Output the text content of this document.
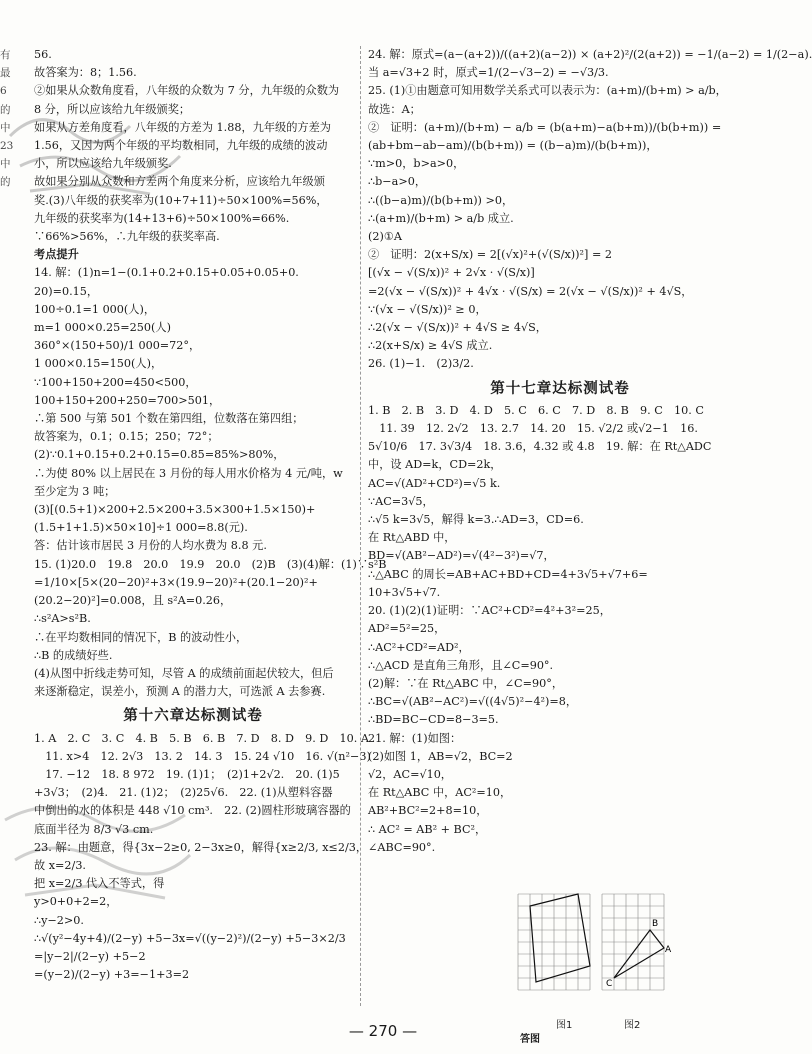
有
最
6
的
中
23
中
的
56.
故答案为：8；1.56.
②如果从众数角度看，八年级的众数为 7 分，九年级的众数为
8 分，所以应该给九年级颁奖；
如果从方差角度看，八年级的方差为 1.88，九年级的方差为
1.56，又因为两个年级的平均数相同，九年级的成绩的波动
小，所以应该给九年级颁奖.
故如果分别从众数和方差两个角度来分析，应该给九年级颁
奖.(3)八年级的获奖率为(10+7+11)÷50×100%=56%，
九年级的获奖率为(14+13+6)÷50×100%=66%.
∵66%>56%，∴九年级的获奖率高.
考点提升
14. 解：(1)n=1−(0.1+0.2+0.15+0.05+0.05+0.
20)=0.15，
100÷0.1=1 000(人)，
m=1 000×0.25=250(人)
360°×(150+50)/1 000=72°，
1 000×0.15=150(人)，
∵100+150+200=450<500，
100+150+200+250=700>501，
∴第 500 与第 501 个数在第四组，位数落在第四组；
故答案为，0.1；0.15；250；72°；
(2)∵0.1+0.15+0.2+0.15=0.85=85%>80%，
∴为使 80% 以上居民在 3 月份的每人用水价格为 4 元/吨，w
至少定为 3 吨；
(3)[(0.5+1)×200+2.5×200+3.5×300+1.5×150)+
(1.5+1+1.5)×50×10]÷1 000=8.8(元).
答：估计该市居民 3 月份的人均水费为 8.8 元.
15. (1)20.0　19.8　20.0　19.9　20.0　(2)B　(3)(4)解：(1)∵s²B
=1/10×[5×(20−20)²+3×(19.9−20)²+(20.1−20)²+
(20.2−20)²]=0.008，且 s²A=0.26，
∴s²A>s²B.
∴在平均数相同的情况下，B 的波动性小，
∴B 的成绩好些.
(4)从图中折线走势可知，尽管 A 的成绩前面起伏较大，但后
来逐渐稳定，误差小，预测 A 的潜力大，可选派 A 去参赛.
第十六章达标测试卷
1. A　2. C　3. C　4. B　5. B　6. B　7. D　8. D　9. D　10. A
　11. x>4　12. 2√3　13. 2　14. 3　15. 24 √10　16. √(n²−3)
　17. −12　18. 8 972　19. (1)1；　(2)1+2√2.　20. (1)5
+3√3；　(2)4.　21. (1)2；　(2)25√6.　22. (1)从塑料容器
中倒出的水的体积是 448 √10 cm³.　22. (2)圆柱形玻璃容器的
底面半径为 8/3 √3 cm.
23. 解：由题意，得{3x−2≥0, 2−3x≥0，解得{x≥2/3, x≤2/3，
故 x=2/3.
把 x=2/3 代入不等式，得
y>0+0+2=2，
∴y−2>0.
∴√(y²−4y+4)/(2−y) +5−3x=√((y−2)²)/(2−y) +5−3×2/3
=|y−2|/(2−y) +5−2
=(y−2)/(2−y) +3=−1+3=2
24. 解：原式=(a−(a+2))/((a+2)(a−2)) × (a+2)²/(2(a+2)) = −1/(a−2) = 1/(2−a).
当 a=√3+2 时，原式=1/(2−√3−2) = −√3/3.
25. (1)①由题意可知用数学关系式可以表示为：(a+m)/(b+m) > a/b，
故选：A；
②　证明：(a+m)/(b+m) − a/b = (b(a+m)−a(b+m))/(b(b+m)) =
(ab+bm−ab−am)/(b(b+m)) = ((b−a)m)/(b(b+m))，
∵m>0，b>a>0，
∴b−a>0，
∴((b−a)m)/(b(b+m)) >0，
∴(a+m)/(b+m) > a/b 成立.
(2)①A
②　证明：2(x+S/x) = 2[(√x)²+(√(S/x))²] = 2
[(√x − √(S/x))² + 2√x · √(S/x)]
=2(√x − √(S/x))² + 4√x · √(S/x) = 2(√x − √(S/x))² + 4√S，
∵(√x − √(S/x))² ≥ 0，
∴2(√x − √(S/x))² + 4√S ≥ 4√S，
∴2(x+S/x) ≥ 4√S 成立.
26. (1)−1.　(2)3/2.
第十七章达标测试卷
1. B　2. B　3. D　4. D　5. C　6. C　7. D　8. B　9. C　10. C
　11. 39　12. 2√2　13. 2.7　14. 20　15. √2/2 或√2−1　16.
5√10/6　17. 3√3/4　18. 3.6，4.32 或 4.8　19. 解：在 Rt△ADC
中，设 AD=k，CD=2k，
AC=√(AD²+CD²)=√5 k.
∵AC=3√5，
∴√5 k=3√5，解得 k=3.∴AD=3，CD=6.
在 Rt△ABD 中，
BD=√(AB²−AD²)=√(4²−3²)=√7，
∴△ABC 的周长=AB+AC+BD+CD=4+3√5+√7+6=
10+3√5+√7.
20. (1)(2)(1)证明：∵AC²+CD²=4²+3²=25，
AD²=5²=25，
∴AC²+CD²=AD²，
∴△ACD 是直角三角形，且∠C=90°.
(2)解：∵在 Rt△ABC 中，∠C=90°，
∴BC=√(AB²−AC²)=√((4√5)²−4²)=8，
∴BD=BC−CD=8−3=5.
21. 解：(1)如图：
(2)如图 1，AB=√2，BC=2
√2，AC=√10，
在 Rt△ABC 中，AC²=10，
AB²+BC²=2+8=10，
∴ AC² = AB² + BC²，
∠ABC=90°.
B
A
C
图1	图2
答图
— 270 —
